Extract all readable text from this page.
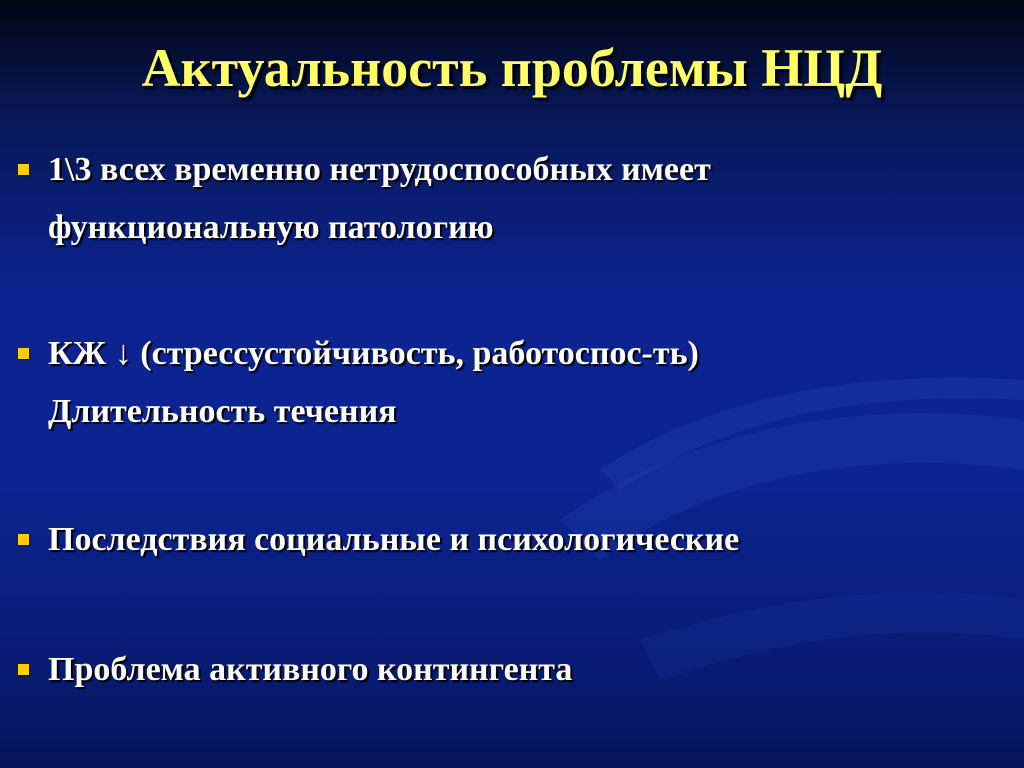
Актуальность проблемы НЦД
1\3 всех временно нетрудоспособных имеет
функциональную патологию
КЖ ↓ (стрессустойчивость, работоспос-ть)
Длительность течения
Последствия социальные и психологические
Проблема активного контингента
